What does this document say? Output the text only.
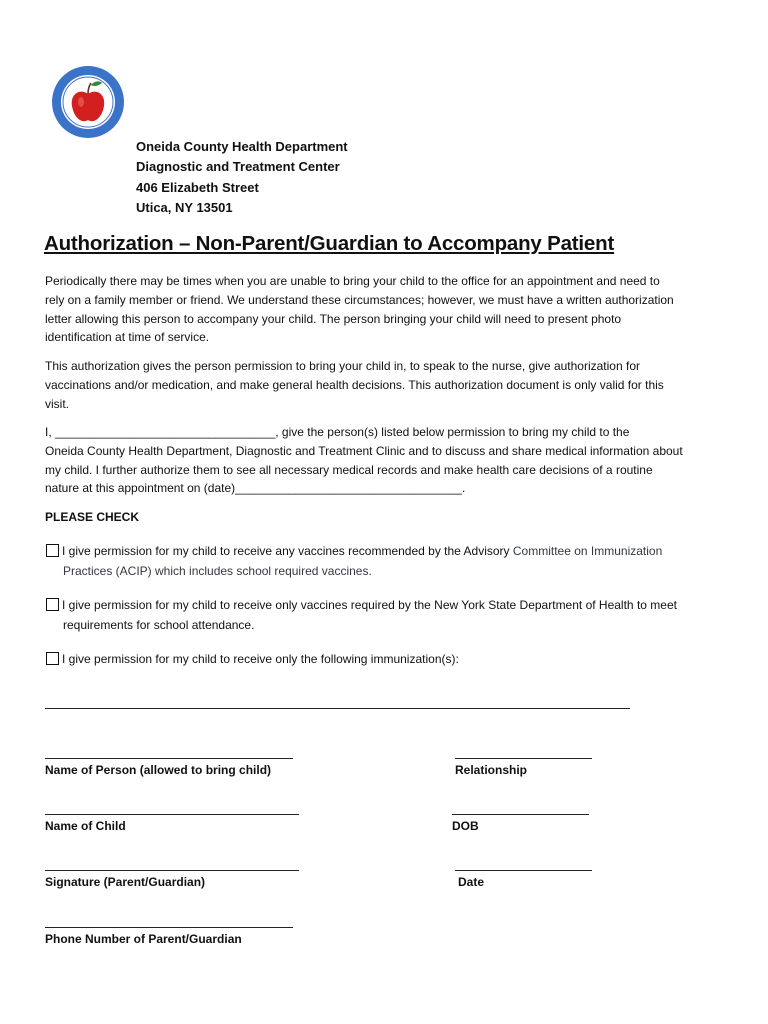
Oneida County Health Department
Diagnostic and Treatment Center
406 Elizabeth Street
Utica, NY 13501
Authorization – Non-Parent/Guardian to Accompany Patient
Periodically there may be times when you are unable to bring your child to the office for an appointment and need to
rely on a family member or friend. We understand these circumstances; however, we must have a written authorization
letter allowing this person to accompany your child. The person bringing your child will need to present photo
identification at time of service.
This authorization gives the person permission to bring your child in, to speak to the nurse, give authorization for
vaccinations and/or medication, and make general health decisions. This authorization document is only valid for this
visit.
I, _________________________________, give the person(s) listed below permission to bring my child to the
Oneida County Health Department, Diagnostic and Treatment Clinic and to discuss and share medical information about
my child. I further authorize them to see all necessary medical records and make health care decisions of a routine
nature at this appointment on (date)__________________________________.
PLEASE CHECK
I give permission for my child to receive any vaccines recommended by the Advisory Committee on Immunization
Practices (ACIP) which includes school required vaccines.
I give permission for my child to receive only vaccines required by the New York State Department of Health to meet
requirements for school attendance.
I give permission for my child to receive only the following immunization(s):
Name of Person (allowed to bring child)	Relationship
Name of Child	DOB
Signature (Parent/Guardian)	Date
Phone Number of Parent/Guardian
